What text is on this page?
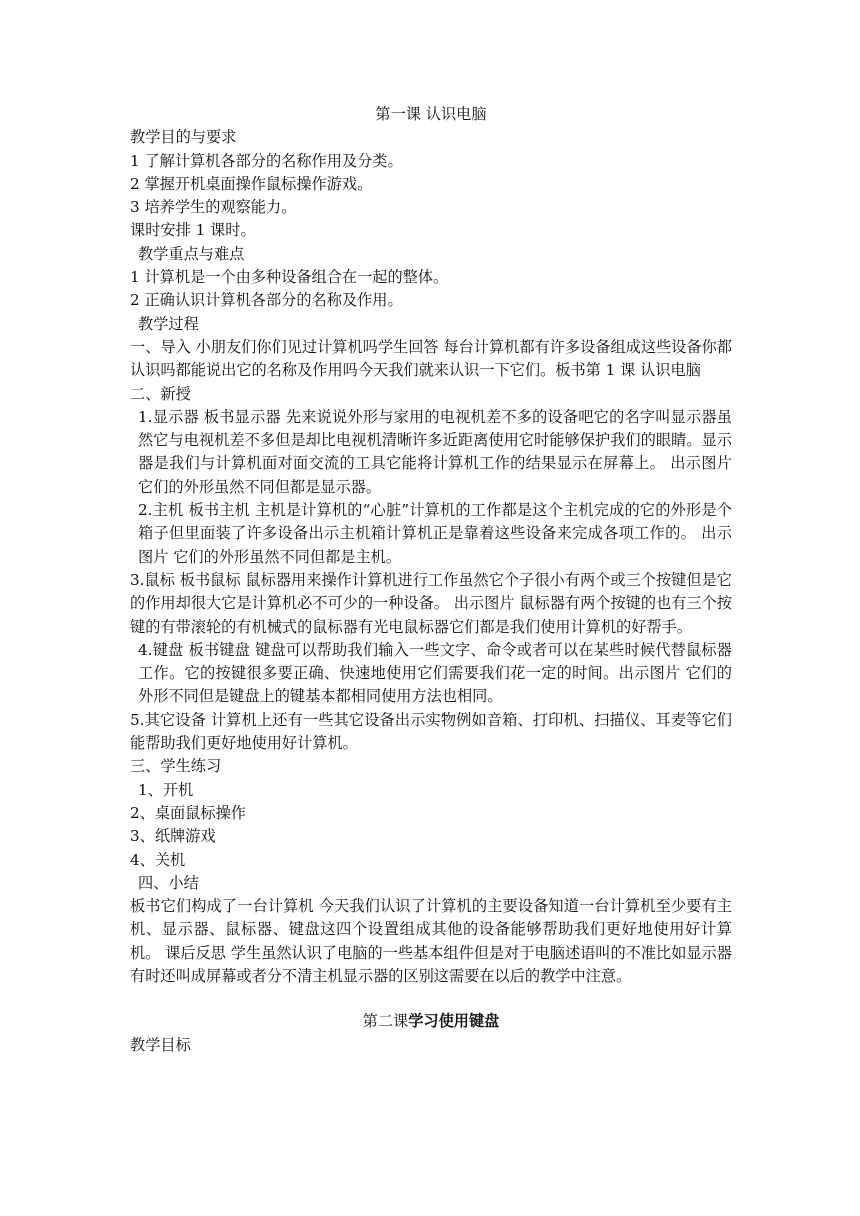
第一课 认识电脑

教学目的与要求

1 了解计算机各部分的名称作用及分类。

2 掌握开机桌面操作鼠标操作游戏。

3 培养学生的观察能力。

课时安排 1 课时。

教学重点与难点

1 计算机是一个由多种设备组合在一起的整体。

2 正确认识计算机各部分的名称及作用。

教学过程

一、导入 小朋友们你们见过计算机吗学生回答 每台计算机都有许多设备组成这些设备你都认识吗都能说出它的名称及作用吗今天我们就来认识一下它们。板书第 1 课 认识电脑

二、新授

1.显示器 板书显示器 先来说说外形与家用的电视机差不多的设备吧它的名字叫显示器虽然它与电视机差不多但是却比电视机清晰许多近距离使用它时能够保护我们的眼睛。显示器是我们与计算机面对面交流的工具它能将计算机工作的结果显示在屏幕上。 出示图片 它们的外形虽然不同但都是显示器。

2.主机 板书主机 主机是计算机的“心脏”计算机的工作都是这个主机完成的它的外形是个箱子但里面装了许多设备出示主机箱计算机正是靠着这些设备来完成各项工作的。 出示图片 它们的外形虽然不同但都是主机。

3.鼠标 板书鼠标 鼠标器用来操作计算机进行工作虽然它个子很小有两个或三个按键但是它的作用却很大它是计算机必不可少的一种设备。 出示图片 鼠标器有两个按键的也有三个按键的有带滚轮的有机械式的鼠标器有光电鼠标器它们都是我们使用计算机的好帮手。

4.键盘 板书键盘 键盘可以帮助我们输入一些文字、命令或者可以在某些时候代替鼠标器工作。它的按键很多要正确、快速地使用它们需要我们花一定的时间。出示图片 它们的外形不同但是键盘上的键基本都相同使用方法也相同。

5.其它设备 计算机上还有一些其它设备出示实物例如音箱、打印机、扫描仪、耳麦等它们能帮助我们更好地使用好计算机。

三、学生练习

1、开机

2、桌面鼠标操作

3、纸牌游戏

4、关机

四、小结

板书它们构成了一台计算机 今天我们认识了计算机的主要设备知道一台计算机至少要有主机、显示器、鼠标器、键盘这四个设置组成其他的设备能够帮助我们更好地使用好计算机。 课后反思 学生虽然认识了电脑的一些基本组件但是对于电脑述语叫的不准比如显示器有时还叫成屏幕或者分不清主机显示器的区别这需要在以后的教学中注意。

第二课学习使用键盘

教学目标
